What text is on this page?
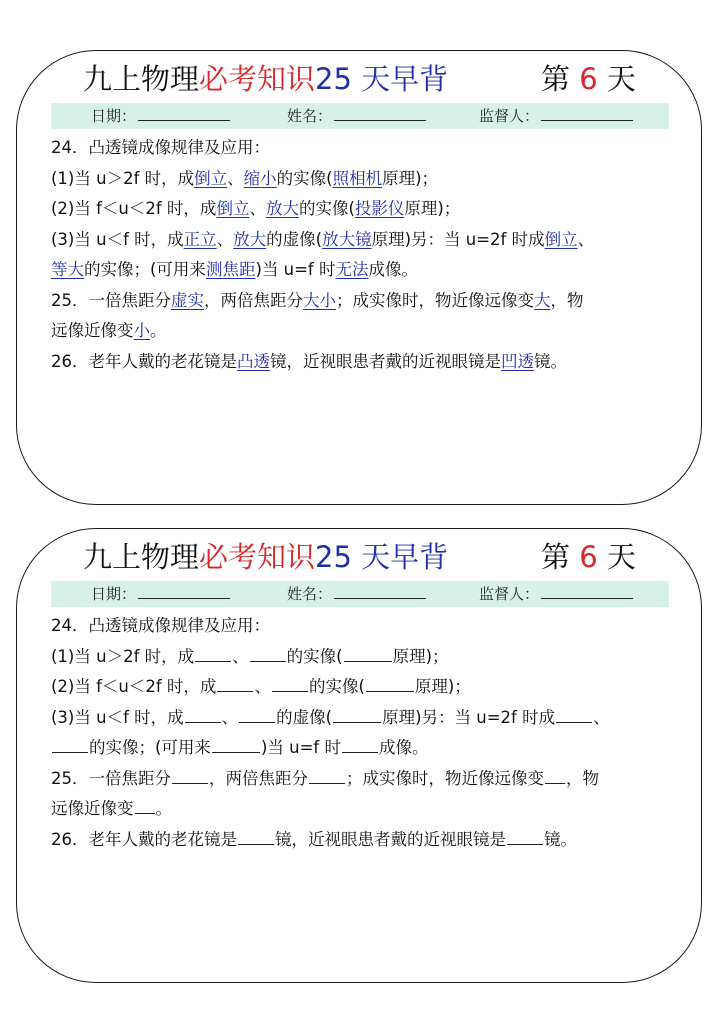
九上物理必考知识25 天早背	第 6 天
日期：	姓名：	监督人：

24．凸透镜成像规律及应用：

(1)当 u＞2f 时，成倒立、缩小的实像(照相机原理)；

(2)当 f＜u＜2f 时，成倒立、放大的实像(投影仪原理)；

(3)当 u＜f 时，成正立、放大的虚像(放大镜原理)另：当 u=2f 时成倒立、

等大的实像；(可用来测焦距)当 u=f 时无法成像。

25．一倍焦距分虚实，两倍焦距分大小；成实像时，物近像远像变大，物

远像近像变小。

26．老年人戴的老花镜是凸透镜，近视眼患者戴的近视眼镜是凹透镜。

九上物理必考知识25 天早背	第 6 天
日期：	姓名：	监督人：

24．凸透镜成像规律及应用：

(1)当 u＞2f 时，成 、 的实像(	原理)；

(2)当 f＜u＜2f 时，成 、 的实像(	原理)；

(3)当 u＜f 时，成 、 的虚像(	原理)另：当 u=2f 时成 、

的实像；(可用来	)当 u=f 时 成像。

25．一倍焦距分 ，两倍焦距分 ；成实像时，物近像远像变 ，物

远像近像变 。

26．老年人戴的老花镜是 镜，近视眼患者戴的近视眼镜是 镜。
